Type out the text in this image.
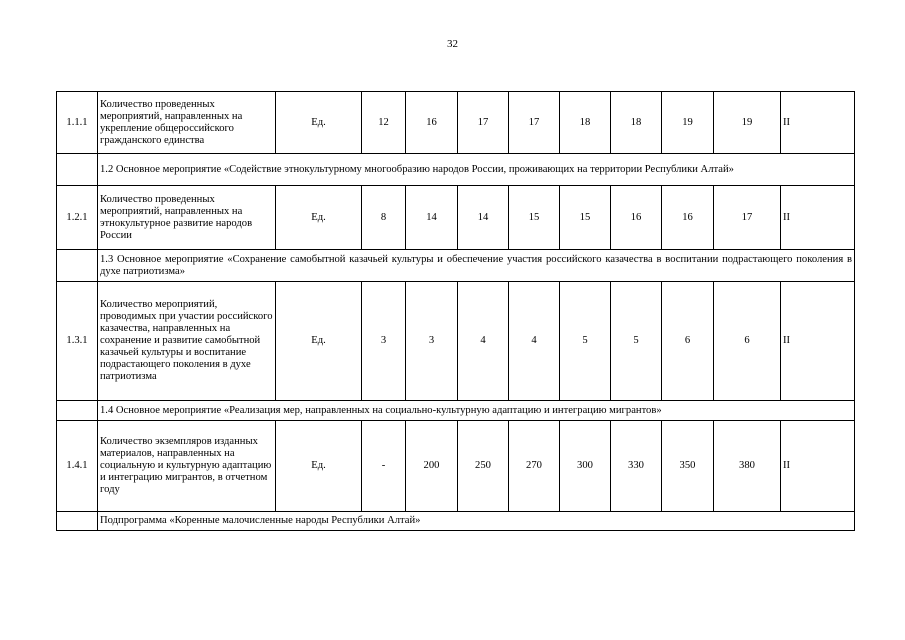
32
1.1.1	Количество проведенных мероприятий, направленных на укрепление общероссийского гражданского единства	Ед.	12	16	17	17	18	18	19	19	II
	1.2 Основное мероприятие «Содействие этнокультурному многообразию народов России, проживающих на территории Республики Алтай»										
1.2.1	Количество проведенных мероприятий, направленных на этнокультурное развитие народов России	Ед.	8	14	14	15	15	16	16	17	II
	1.3 Основное мероприятие «Сохранение самобытной казачьей культуры и обеспечение участия российского казачества в воспитании подрастающего поколения в духе патриотизма»										
1.3.1	Количество мероприятий, проводимых при участии российского казачества, направленных на сохранение и развитие самобытной казачьей культуры и воспитание подрастающего поколения в духе патриотизма	Ед.	3	3	4	4	5	5	6	6	II
	1.4 Основное мероприятие «Реализация мер, направленных на социально-культурную адаптацию и интеграцию мигрантов»										
1.4.1	Количество экземпляров изданных материалов, направленных на социальную и культурную адаптацию и интеграцию мигрантов, в отчетном году	Ед.	-	200	250	270	300	330	350	380	II
	Подпрограмма «Коренные малочисленные народы Республики Алтай»										
